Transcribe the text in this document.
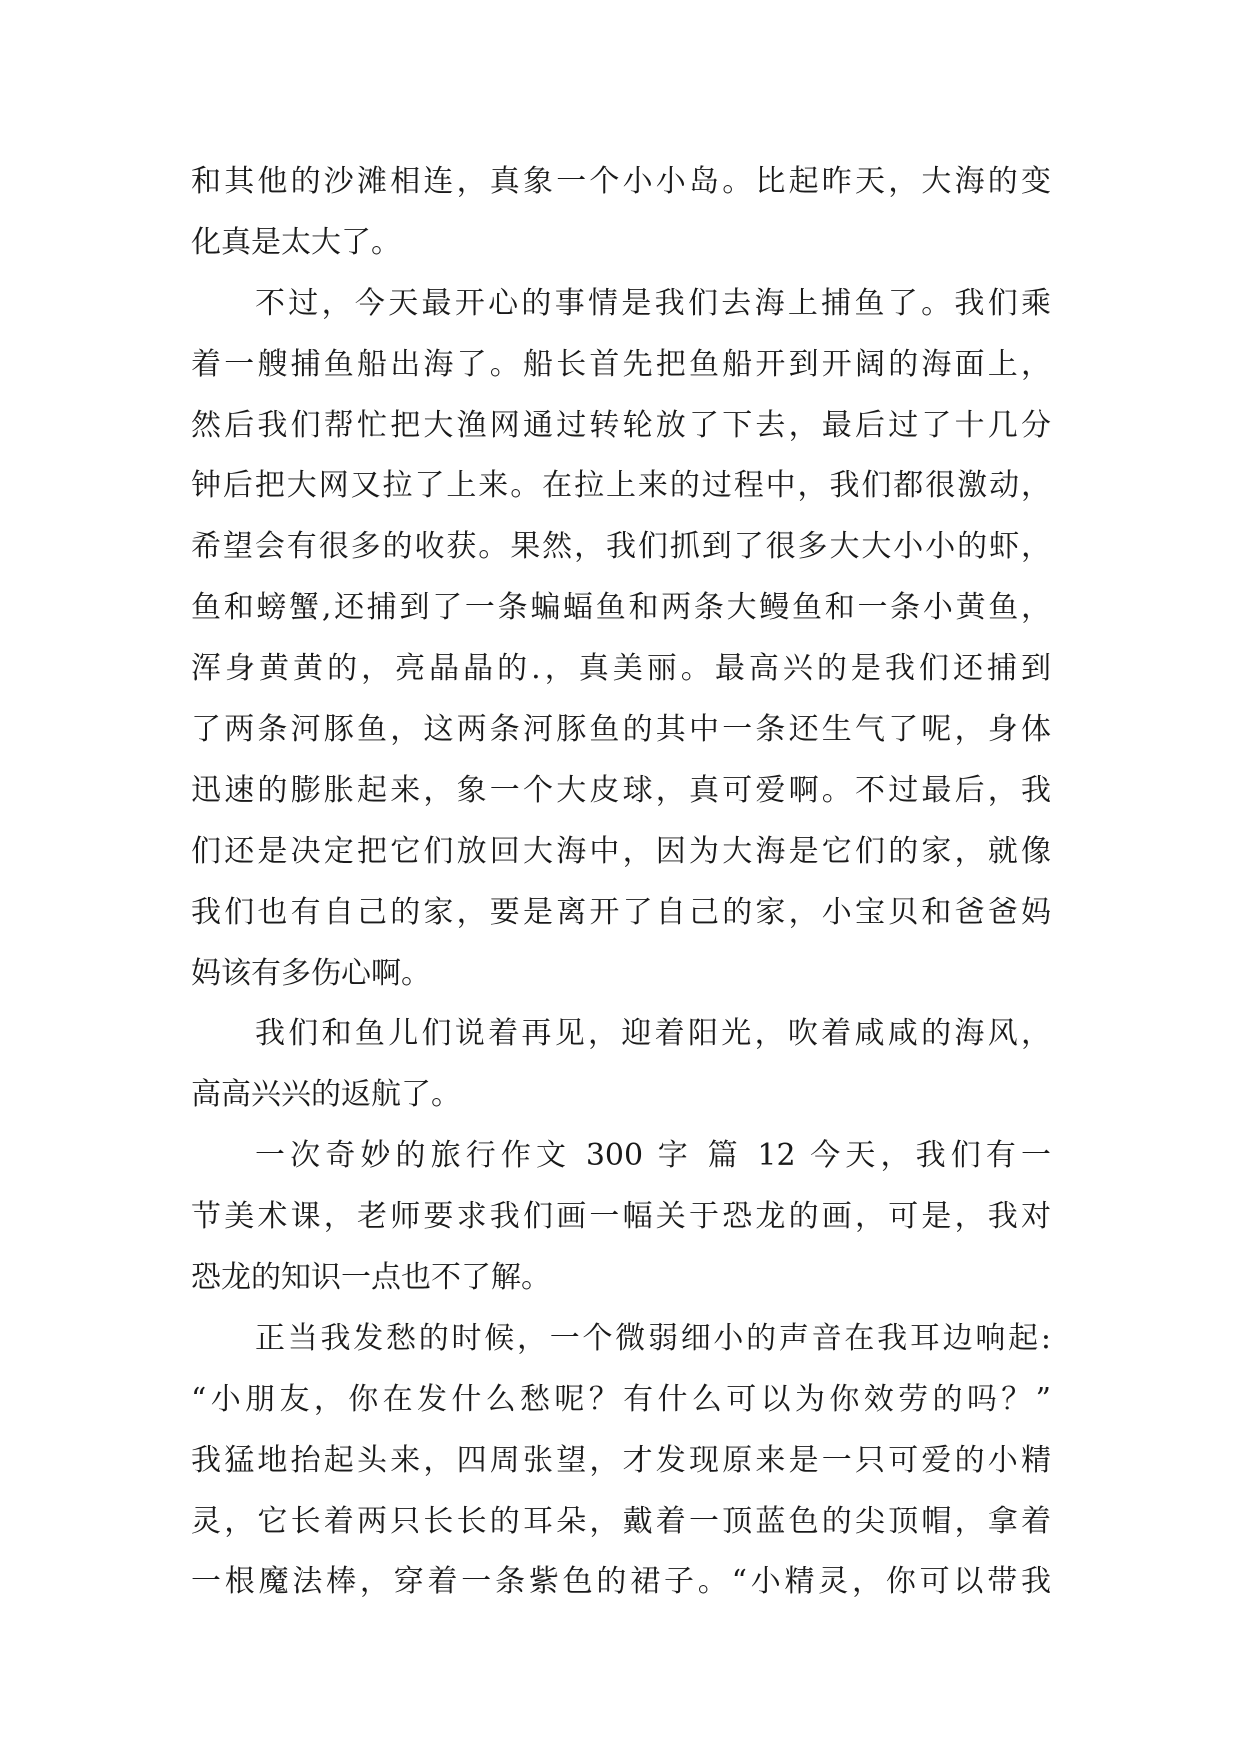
和其他的沙滩相连，真象一个小小岛。比起昨天，大海的变
化真是太大了。
不过，今天最开心的事情是我们去海上捕鱼了。我们乘
着一艘捕鱼船出海了。船长首先把鱼船开到开阔的海面上，
然后我们帮忙把大渔网通过转轮放了下去，最后过了十几分
钟后把大网又拉了上来。在拉上来的过程中，我们都很激动，
希望会有很多的收获。果然，我们抓到了很多大大小小的虾，
鱼和螃蟹,还捕到了一条蝙蝠鱼和两条大鳗鱼和一条小黄鱼，
浑身黄黄的，亮晶晶的.，真美丽。最高兴的是我们还捕到
了两条河豚鱼，这两条河豚鱼的其中一条还生气了呢，身体
迅速的膨胀起来，象一个大皮球，真可爱啊。不过最后，我
们还是决定把它们放回大海中，因为大海是它们的家，就像
我们也有自己的家，要是离开了自己的家，小宝贝和爸爸妈
妈该有多伤心啊。
我们和鱼儿们说着再见，迎着阳光，吹着咸咸的海风，
高高兴兴的返航了。
一次奇妙的旅行作文 300 字 篇 12 今天，我们有一
节美术课，老师要求我们画一幅关于恐龙的画，可是，我对
恐龙的知识一点也不了解。
正当我发愁的时候，一个微弱细小的声音在我耳边响起:
“小朋友，你在发什么愁呢？有什么可以为你效劳的吗？”
我猛地抬起头来，四周张望，才发现原来是一只可爱的小精
灵，它长着两只长长的耳朵，戴着一顶蓝色的尖顶帽，拿着
一根魔法棒，穿着一条紫色的裙子。“小精灵，你可以带我
